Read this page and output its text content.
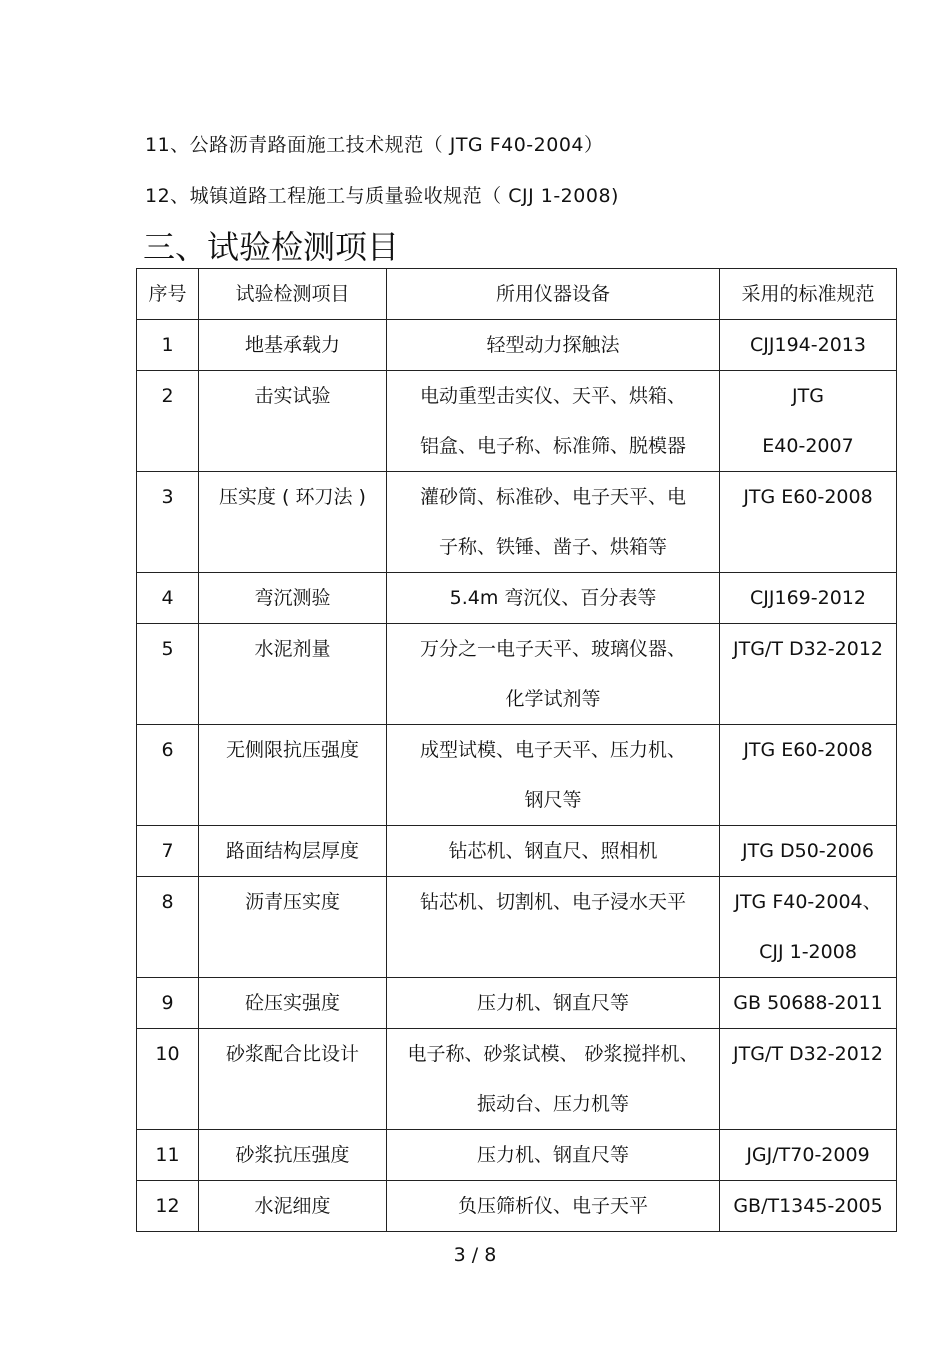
11、公路沥青路面施工技术规范（ JTG F40-2004）
12、城镇道路工程施工与质量验收规范（ CJJ 1-2008)
三、试验检测项目
序号	试验检测项目	所用仪器设备	采用的标准规范
1	地基承载力	轻型动力探触法	CJJ194-2013

2	击实试验	电动重型击实仪、天平、烘箱、
铝盒、电子称、标准筛、脱模器	JTG
E40-2007

3	压实度 ( 环刀法 )	灌砂筒、标准砂、电子天平、电
子称、铁锤、凿子、烘箱等	JTG E60-2008

4	弯沉测验	5.4m 弯沉仪、百分表等	CJJ169-2012

5	水泥剂量	万分之一电子天平、玻璃仪器、
化学试剂等	JTG/T D32-2012

6	无侧限抗压强度	成型试模、电子天平、压力机、
钢尺等	JTG E60-2008

7	路面结构层厚度	钻芯机、钢直尺、照相机	JTG D50-2006

8	沥青压实度	钻芯机、切割机、电子浸水天平	JTG F40-2004、
CJJ 1-2008

9	砼压实强度	压力机、钢直尺等	GB 50688-2011

10	砂浆配合比设计	电子称、砂浆试模、 砂浆搅拌机、
振动台、压力机等	JTG/T D32-2012

11	砂浆抗压强度	压力机、钢直尺等	JGJ/T70-2009

12	水泥细度	负压筛析仪、电子天平	GB/T1345-2005
3 / 8
